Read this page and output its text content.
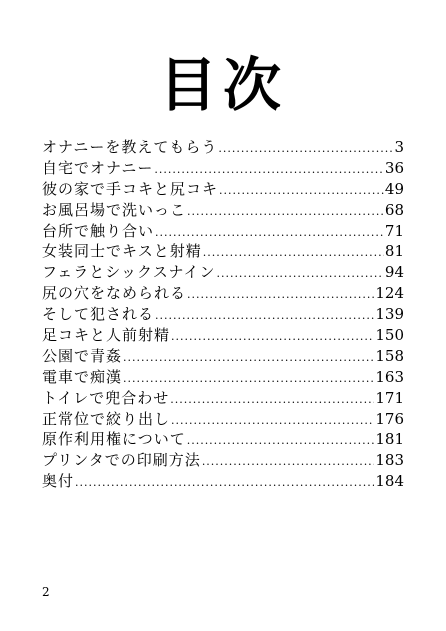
目次
オナニーを教えてもらう .....	3
自宅でオナニー .....	36
彼の家で手コキと尻コキ .....	49
お風呂場で洗いっこ .....	68
台所で触り合い .....	71
女装同士でキスと射精 .....	81
フェラとシックスナイン .....	94
尻の穴をなめられる .....	124
そして犯される .....	139
足コキと人前射精 .....	150
公園で青姦 .....	158
電車で痴漢 .....	163
トイレで兜合わせ .....	171
正常位で絞り出し .....	176
原作利用権について .....	181
プリンタでの印刷方法 .....	183
奥付 .....	184
2
